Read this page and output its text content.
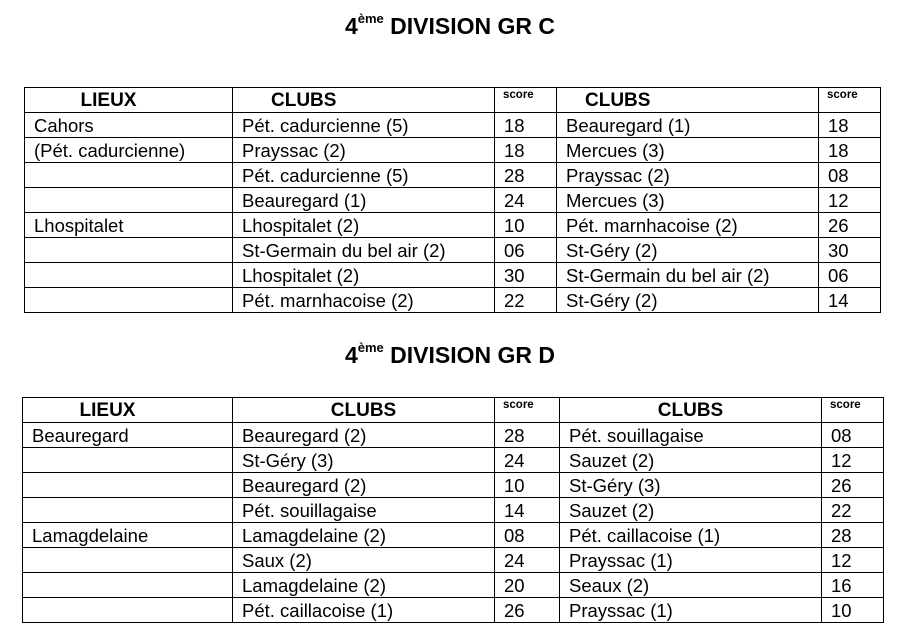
4ème DIVISION GR C
LIEUX	CLUBS	score	CLUBS	score
Cahors	Pét. cadurcienne (5)	18	Beauregard (1)	18
(Pét. cadurcienne)	Prayssac (2)	18	Mercues (3)	18
	Pét. cadurcienne (5)	28	Prayssac (2)	08
	Beauregard (1)	24	Mercues (3)	12
Lhospitalet	Lhospitalet (2)	10	Pét. marnhacoise (2)	26
	St-Germain du bel air (2)	06	St-Géry (2)	30
	Lhospitalet (2)	30	St-Germain du bel air (2)	06
	Pét. marnhacoise (2)	22	St-Géry (2)	14
4ème DIVISION GR D
LIEUX	CLUBS	score	CLUBS	score
Beauregard	Beauregard (2)	28	Pét. souillagaise	08
	St-Géry (3)	24	Sauzet (2)	12
	Beauregard (2)	10	St-Géry (3)	26
	Pét. souillagaise	14	Sauzet (2)	22
Lamagdelaine	Lamagdelaine (2)	08	Pét. caillacoise (1)	28
	Saux (2)	24	Prayssac (1)	12
	Lamagdelaine (2)	20	Seaux (2)	16
	Pét. caillacoise (1)	26	Prayssac (1)	10
